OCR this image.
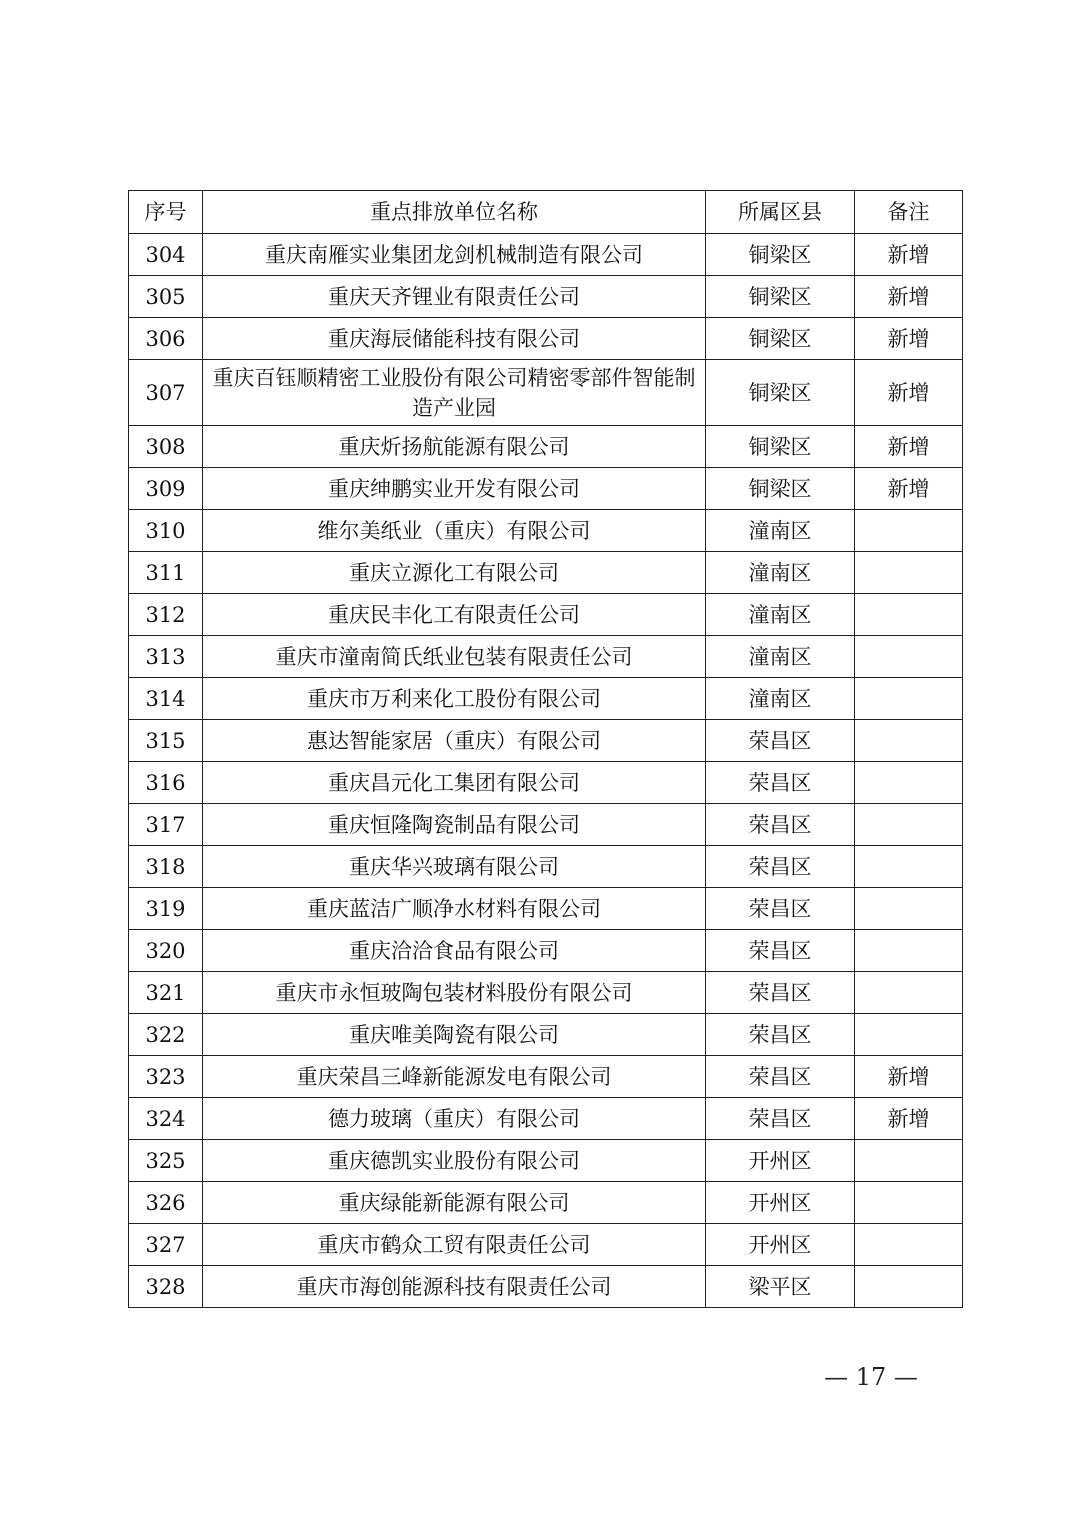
序号	重点排放单位名称	所属区县	备注
304	重庆南雁实业集团龙剑机械制造有限公司	铜梁区	新增
305	重庆天齐锂业有限责任公司	铜梁区	新增
306	重庆海辰储能科技有限公司	铜梁区	新增
307	重庆百钰顺精密工业股份有限公司精密零部件智能制造产业园	铜梁区	新增
308	重庆炘扬航能源有限公司	铜梁区	新增
309	重庆绅鹏实业开发有限公司	铜梁区	新增
310	维尔美纸业（重庆）有限公司	潼南区	
311	重庆立源化工有限公司	潼南区	
312	重庆民丰化工有限责任公司	潼南区	
313	重庆市潼南简氏纸业包装有限责任公司	潼南区	
314	重庆市万利来化工股份有限公司	潼南区	
315	惠达智能家居（重庆）有限公司	荣昌区	
316	重庆昌元化工集团有限公司	荣昌区	
317	重庆恒隆陶瓷制品有限公司	荣昌区	
318	重庆华兴玻璃有限公司	荣昌区	
319	重庆蓝洁广顺净水材料有限公司	荣昌区	
320	重庆洽洽食品有限公司	荣昌区	
321	重庆市永恒玻陶包装材料股份有限公司	荣昌区	
322	重庆唯美陶瓷有限公司	荣昌区	
323	重庆荣昌三峰新能源发电有限公司	荣昌区	新增
324	德力玻璃（重庆）有限公司	荣昌区	新增
325	重庆德凯实业股份有限公司	开州区	
326	重庆绿能新能源有限公司	开州区	
327	重庆市鹤众工贸有限责任公司	开州区	
328	重庆市海创能源科技有限责任公司	梁平区	
— 17 —
